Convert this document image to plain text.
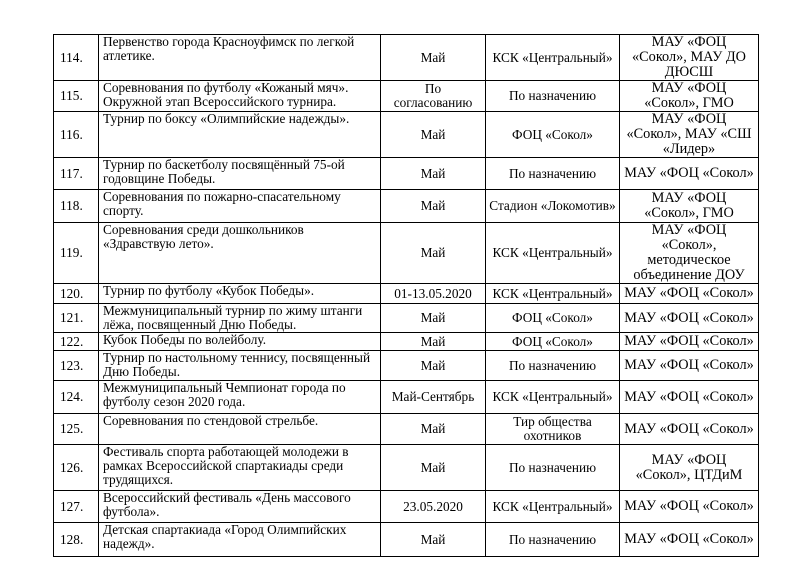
114.	Первенство города Красноуфимск по легкой атлетике.	Май	КСК «Центральный»	МАУ «ФОЦ «Сокол», МАУ ДО ДЮСШ
115.	Соревнования по футболу «Кожаный мяч». Окружной этап Всероссийского турнира.	По согласованию	По назначению	МАУ «ФОЦ «Сокол», ГМО
116.	Турнир по боксу «Олимпийские надежды».	Май	ФОЦ «Сокол»	МАУ «ФОЦ «Сокол», МАУ «СШ «Лидер»
117.	Турнир по баскетболу посвящённый 75-ой годовщине Победы.	Май	По назначению	МАУ «ФОЦ «Сокол»
118.	Соревнования по пожарно-спасательному спорту.	Май	Стадион «Локомотив»	МАУ «ФОЦ «Сокол», ГМО
119.	Соревнования среди дошкольников «Здравствую лето».	Май	КСК «Центральный»	МАУ «ФОЦ «Сокол», методическое объединение ДОУ
120.	Турнир по футболу «Кубок Победы».	01-13.05.2020	КСК «Центральный»	МАУ «ФОЦ «Сокол»
121.	Межмуниципальный турнир по жиму штанги лёжа, посвященный Дню Победы.	Май	ФОЦ «Сокол»	МАУ «ФОЦ «Сокол»
122.	Кубок Победы по волейболу.	Май	ФОЦ «Сокол»	МАУ «ФОЦ «Сокол»
123.	Турнир по настольному теннису, посвященный Дню Победы.	Май	По назначению	МАУ «ФОЦ «Сокол»
124.	Межмуниципальный Чемпионат города по футболу сезон 2020 года.	Май-Сентябрь	КСК «Центральный»	МАУ «ФОЦ «Сокол»
125.	Соревнования по стендовой стрельбе.	Май	Тир общества охотников	МАУ «ФОЦ «Сокол»
126.	Фестиваль спорта работающей молодежи в рамках Всероссийской спартакиады среди трудящихся.	Май	По назначению	МАУ «ФОЦ «Сокол», ЦТДиМ
127.	Всероссийский фестиваль «День массового футбола».	23.05.2020	КСК «Центральный»	МАУ «ФОЦ «Сокол»
128.	Детская спартакиада «Город Олимпийских надежд».	Май	По назначению	МАУ «ФОЦ «Сокол»
